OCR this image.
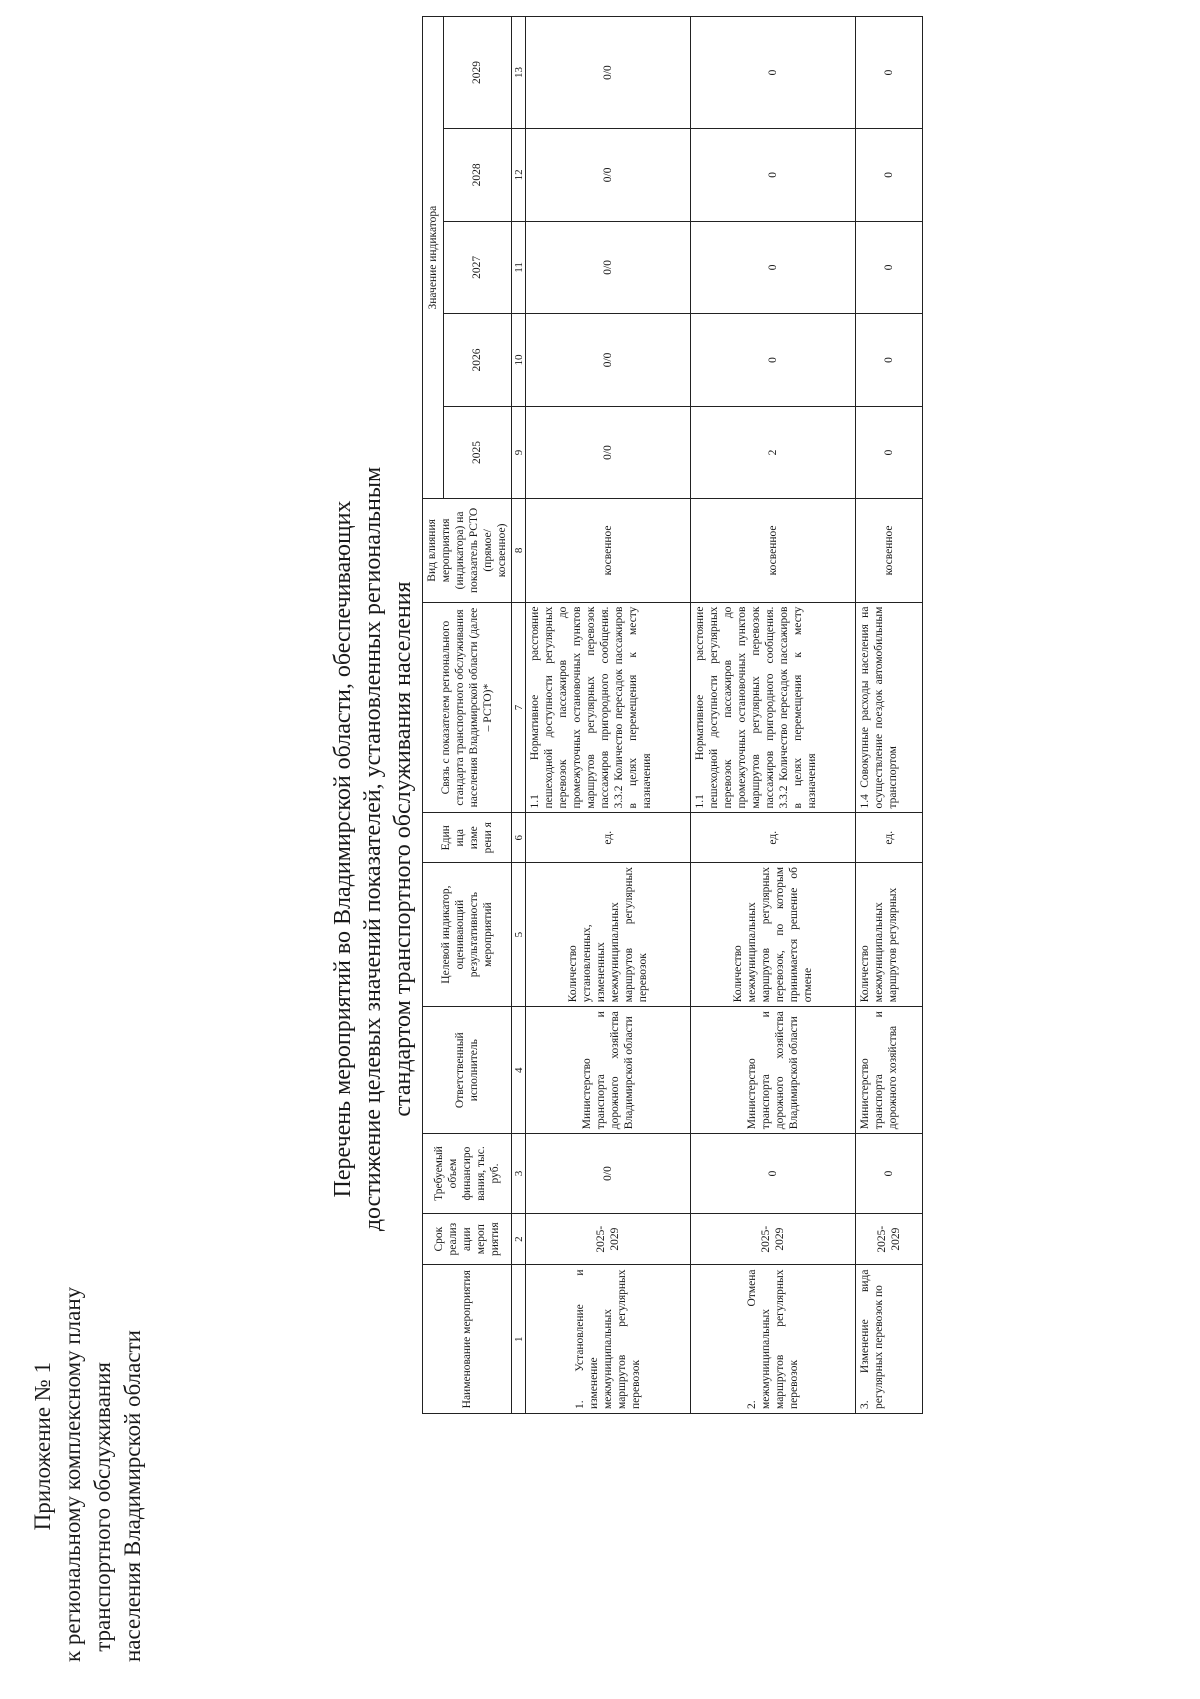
Приложение № 1 к региональному комплексному плану транспортного обслуживания населения Владимирской области
Перечень мероприятий во Владимирской области, обеспечивающих достижение целевых значений показателей, установленных региональным стандартом транспортного обслуживания населения
Наименование мероприятия	Срок реализ ации мероп риятия	Требуемый объем финансиро вания, тыс. руб.	Ответственный исполнитель	Целевой индикатор, оценивающий результативность мероприятий	Един ица изме рени я	Связь с показателем регионального стандарта транспортного обслуживания населения Владимирской области (далее – РСТО)*	Вид влияния мероприятия (индикатора) на показатель РСТО (прямое/ косвенное)	Значение индикатора				
								2025	2026	2027	2028	2029
1	2	3	4	5	6	7	8	9	10	11	12	13
1. Установление и изменение межмуниципальных маршрутов регулярных перевозок	2025-2029	0/0	Министерство транспорта и дорожного хозяйства Владимирской области	Количество установленных, измененных межмуниципальных маршрутов регулярных перевозок	ед.	1.1 Нормативное расстояние пешеходной доступности регулярных перевозок пассажиров до промежуточных остановочных пунктов маршрутов регулярных перевозок пассажиров пригородного сообщения. 3.3.2 Количество пересадок пассажиров в целях перемещения к месту назначения	косвенное	0/0	0/0	0/0	0/0	0/0
2. Отмена межмуниципальных маршрутов регулярных перевозок	2025-2029	0	Министерство транспорта и дорожного хозяйства Владимирской области	Количество межмуниципальных маршрутов регулярных перевозок, по которым принимается решение об отмене	ед.	1.1 Нормативное расстояние пешеходной доступности регулярных перевозок пассажиров до промежуточных остановочных пунктов маршрутов регулярных перевозок пассажиров пригородного сообщения. 3.3.2 Количество пересадок пассажиров в целях перемещения к месту назначения	косвенное	2	0	0	0	0
3. Изменение вида регулярных перевозок по	2025-2029	0	Министерство транспорта и дорожного хозяйства	Количество межмуниципальных маршрутов регулярных	ед.	1.4 Совокупные расходы населения на осуществление поездок автомобильным транспортом	косвенное	0	0	0	0	0
